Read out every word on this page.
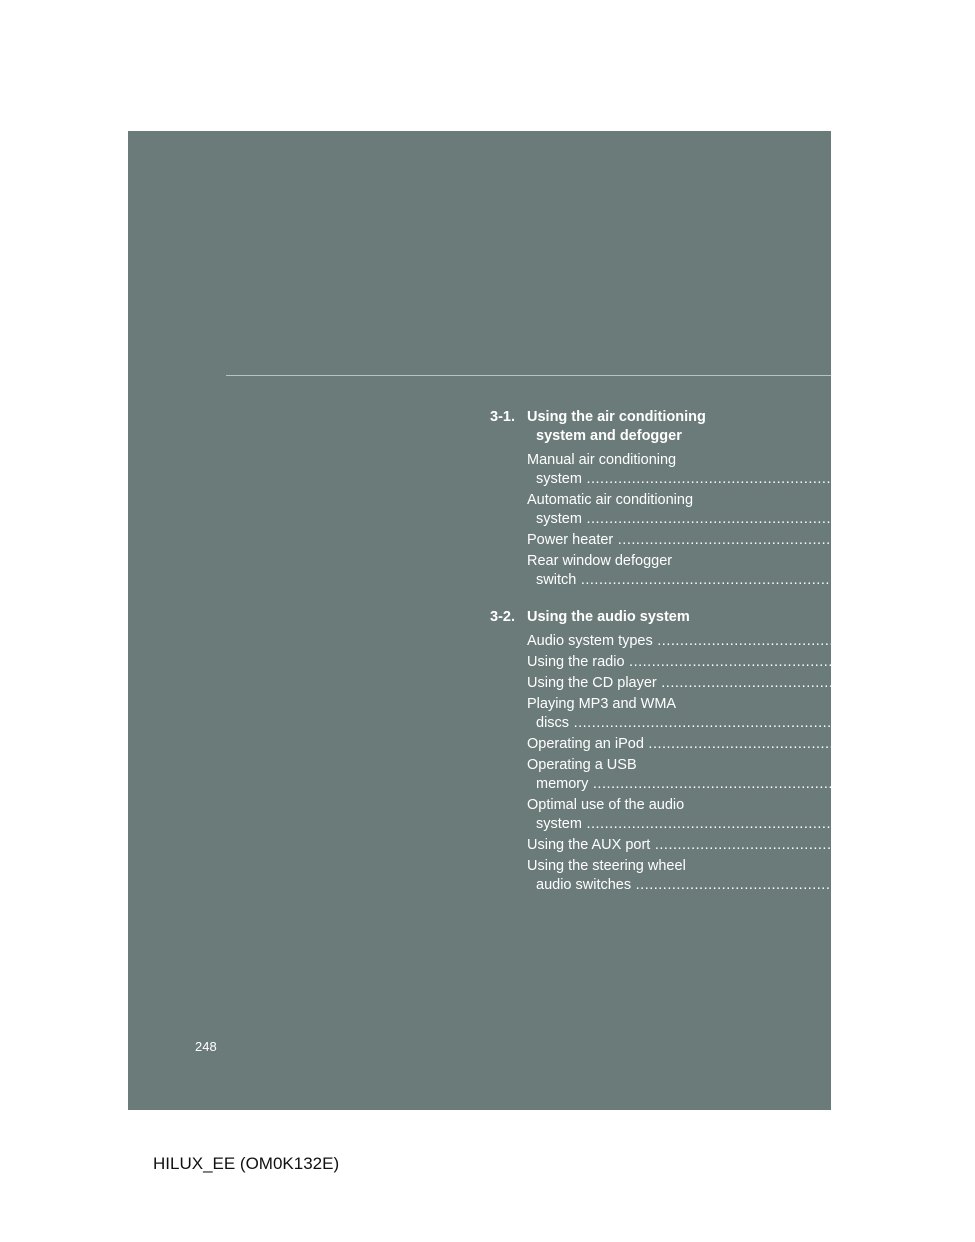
3-1. Using the air conditioning
system and defogger
Manual air conditioning
system ............................................................... 250
Automatic air conditioning
system ............................................................... 256
Power heater ............................................................... 263
Rear window defogger
switch ............................................................... 264
3-2. Using the audio system
Audio system types ............................................................... 266
Using the radio ............................................................... 268
Using the CD player ............................................................... 271
Playing MP3 and WMA
discs ............................................................... 279
Operating an iPod ............................................................... 288
Operating a USB
memory ............................................................... 296
Optimal use of the audio
system ............................................................... 305
Using the AUX port ............................................................... 309
Using the steering wheel
audio switches ............................................................... 310
248
HILUX_EE (OM0K132E)
